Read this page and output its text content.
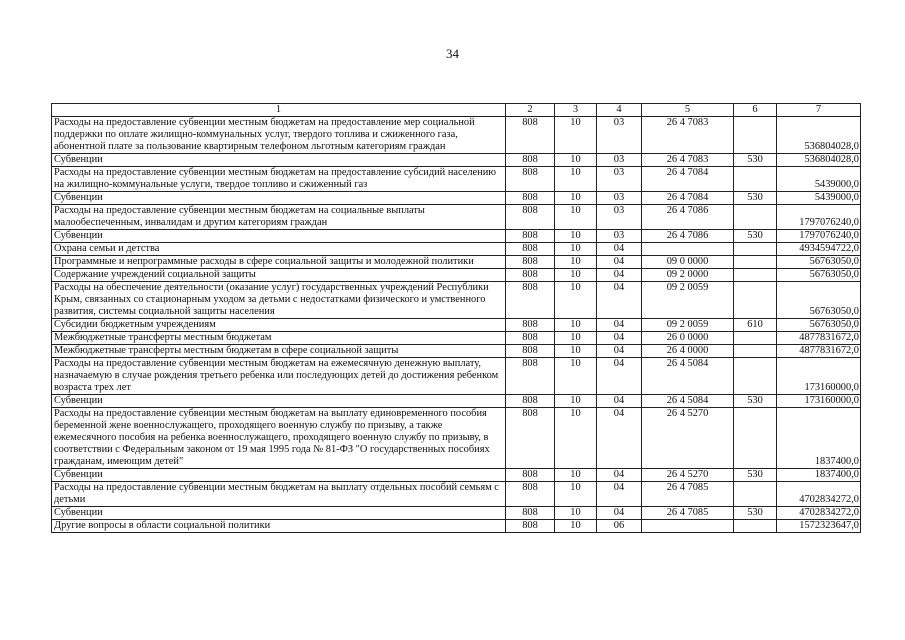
34
1	2	3	4	5	6	7
Расходы на предоставление субвенции местным бюджетам на предоставление мер социальной поддержки по оплате жилищно-коммунальных услуг, твердого топлива и сжиженного газа, абонентной плате за пользование квартирным телефоном льготным категориям граждан	808	10	03	26 4 7083		536804028,0
Субвенции	808	10	03	26 4 7083	530	536804028,0
Расходы на предоставление субвенции местным бюджетам на предоставление субсидий населению на жилищно-коммунальные услуги, твердое топливо и сжиженный газ	808	10	03	26 4 7084		5439000,0
Субвенции	808	10	03	26 4 7084	530	5439000,0
Расходы на предоставление субвенции местным бюджетам на социальные выплаты малообеспеченным, инвалидам и другим категориям граждан	808	10	03	26 4 7086		1797076240,0
Субвенции	808	10	03	26 4 7086	530	1797076240,0
Охрана семьи и детства	808	10	04			4934594722,0
Программные и непрограммные расходы в сфере социальной защиты и молодежной политики	808	10	04	09 0 0000		56763050,0
Содержание учреждений социальной защиты	808	10	04	09 2 0000		56763050,0
Расходы на обеспечение деятельности (оказание услуг) государственных учреждений Республики Крым, связанных со стационарным уходом за детьми с недостатками физического и умственного развития, системы социальной защиты населения	808	10	04	09 2 0059		56763050,0
Субсидии бюджетным учреждениям	808	10	04	09 2 0059	610	56763050,0
Межбюджетные трансферты местным бюджетам	808	10	04	26 0 0000		4877831672,0
Межбюджетные трансферты местным бюджетам в сфере социальной защиты	808	10	04	26 4 0000		4877831672,0
Расходы на предоставление субвенции местным бюджетам на ежемесячную денежную выплату, назначаемую в случае рождения третьего ребенка или последующих детей до достижения ребенком возраста трех лет	808	10	04	26 4 5084		173160000,0
Субвенции	808	10	04	26 4 5084	530	173160000,0
Расходы на предоставление субвенции местным бюджетам на выплату единовременного пособия беременной жене военнослужащего, проходящего военную службу по призыву, а также ежемесячного пособия на ребенка военнослужащего, проходящего военную службу по призыву, в соответствии с Федеральным законом от 19 мая 1995 года № 81-ФЗ "О государственных пособиях гражданам, имеющим детей"	808	10	04	26 4 5270		1837400,0
Субвенции	808	10	04	26 4 5270	530	1837400,0
Расходы на предоставление субвенции местным бюджетам на выплату отдельных пособий семьям с детьми	808	10	04	26 4 7085		4702834272,0
Субвенции	808	10	04	26 4 7085	530	4702834272,0
Другие вопросы в области социальной политики	808	10	06			1572323647,0
